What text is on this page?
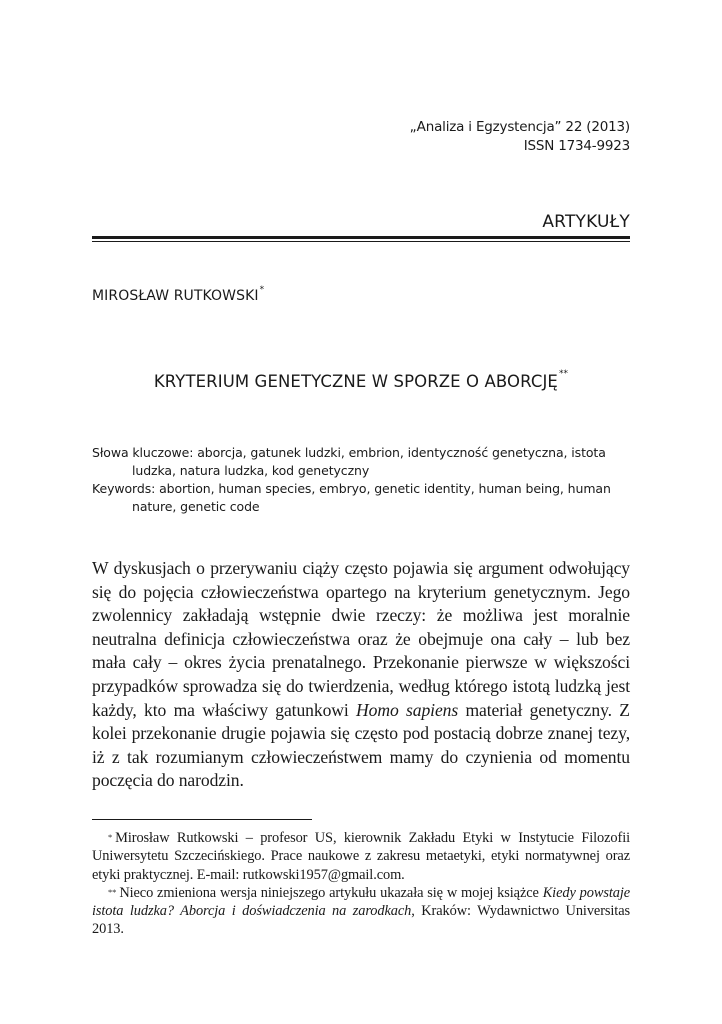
„Analiza i Egzystencja” 22 (2013)
ISSN 1734-9923
ARTYKUŁY
MIROSŁAW RUTKOWSKI*
KRYTERIUM GENETYCZNE W SPORZE O ABORCJĘ**

Słowa kluczowe: aborcja, gatunek ludzki, embrion, identyczność genetyczna, istota ludzka, natura ludzka, kod genetyczny

Keywords: abortion, human species, embryo, genetic identity, human being, human nature, genetic code

W dyskusjach o przerywaniu ciąży często pojawia się argument odwołujący się do pojęcia człowieczeństwa opartego na kryterium genetycznym. Jego zwolennicy zakładają wstępnie dwie rzeczy: że możliwa jest moralnie neutralna definicja człowieczeństwa oraz że obejmuje ona cały – lub bez mała cały – okres życia prenatalnego. Przekonanie pierwsze w większości przypadków sprowadza się do twierdzenia, według którego istotą ludzką jest każdy, kto ma właściwy gatunkowi Homo sapiens materiał genetyczny. Z kolei przekonanie drugie pojawia się często pod postacią dobrze znanej tezy, iż z tak rozumianym człowieczeństwem mamy do czynienia od momentu poczęcia do narodzin.

* Mirosław Rutkowski – profesor US, kierownik Zakładu Etyki w Instytucie Filozofii Uniwersytetu Szczecińskiego. Prace naukowe z zakresu metaetyki, etyki normatywnej oraz etyki praktycznej. E-mail: rutkowski1957@gmail.com.

** Nieco zmieniona wersja niniejszego artykułu ukazała się w mojej książce Kiedy powstaje istota ludzka? Aborcja i doświadczenia na zarodkach, Kraków: Wydawnictwo Universitas 2013.
